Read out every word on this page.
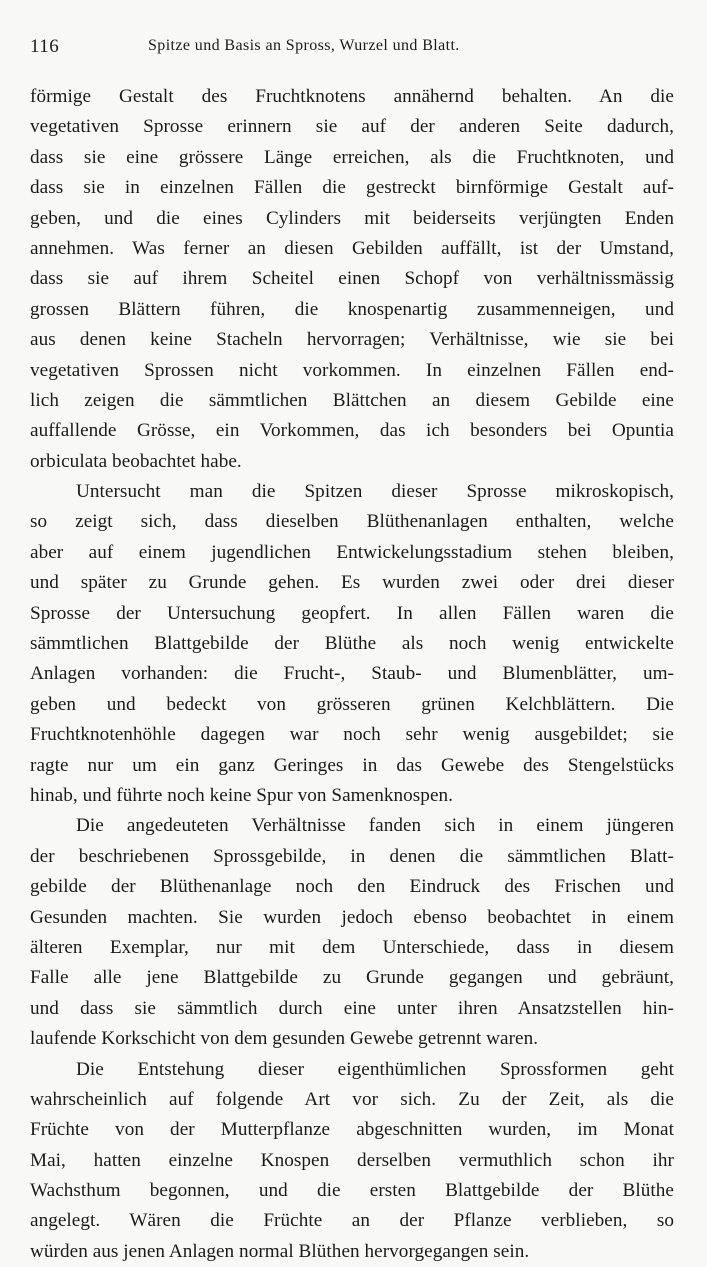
116	Spitze und Basis an Spross, Wurzel und Blatt.
förmige Gestalt des Fruchtknotens annähernd behalten. An die
vegetativen Sprosse erinnern sie auf der anderen Seite dadurch,
dass sie eine grössere Länge erreichen, als die Fruchtknoten, und
dass sie in einzelnen Fällen die gestreckt birnförmige Gestalt auf-
geben, und die eines Cylinders mit beiderseits verjüngten Enden
annehmen. Was ferner an diesen Gebilden auffällt, ist der Umstand,
dass sie auf ihrem Scheitel einen Schopf von verhältnissmässig
grossen Blättern führen, die knospenartig zusammenneigen, und
aus denen keine Stacheln hervorragen; Verhältnisse, wie sie bei
vegetativen Sprossen nicht vorkommen. In einzelnen Fällen end-
lich zeigen die sämmtlichen Blättchen an diesem Gebilde eine
auffallende Grösse, ein Vorkommen, das ich besonders bei Opuntia
orbiculata beobachtet habe.
Untersucht man die Spitzen dieser Sprosse mikroskopisch,
so zeigt sich, dass dieselben Blüthenanlagen enthalten, welche
aber auf einem jugendlichen Entwickelungsstadium stehen bleiben,
und später zu Grunde gehen. Es wurden zwei oder drei dieser
Sprosse der Untersuchung geopfert. In allen Fällen waren die
sämmtlichen Blattgebilde der Blüthe als noch wenig entwickelte
Anlagen vorhanden: die Frucht-, Staub- und Blumenblätter, um-
geben und bedeckt von grösseren grünen Kelchblättern. Die
Fruchtknotenhöhle dagegen war noch sehr wenig ausgebildet; sie
ragte nur um ein ganz Geringes in das Gewebe des Stengelstücks
hinab, und führte noch keine Spur von Samenknospen.
Die angedeuteten Verhältnisse fanden sich in einem jüngeren
der beschriebenen Sprossgebilde, in denen die sämmtlichen Blatt-
gebilde der Blüthenanlage noch den Eindruck des Frischen und
Gesunden machten. Sie wurden jedoch ebenso beobachtet in einem
älteren Exemplar, nur mit dem Unterschiede, dass in diesem
Falle alle jene Blattgebilde zu Grunde gegangen und gebräunt,
und dass sie sämmtlich durch eine unter ihren Ansatzstellen hin-
laufende Korkschicht von dem gesunden Gewebe getrennt waren.
Die Entstehung dieser eigenthümlichen Sprossformen geht
wahrscheinlich auf folgende Art vor sich. Zu der Zeit, als die
Früchte von der Mutterpflanze abgeschnitten wurden, im Monat
Mai, hatten einzelne Knospen derselben vermuthlich schon ihr
Wachsthum begonnen, und die ersten Blattgebilde der Blüthe
angelegt. Wären die Früchte an der Pflanze verblieben, so
würden aus jenen Anlagen normal Blüthen hervorgegangen sein.
